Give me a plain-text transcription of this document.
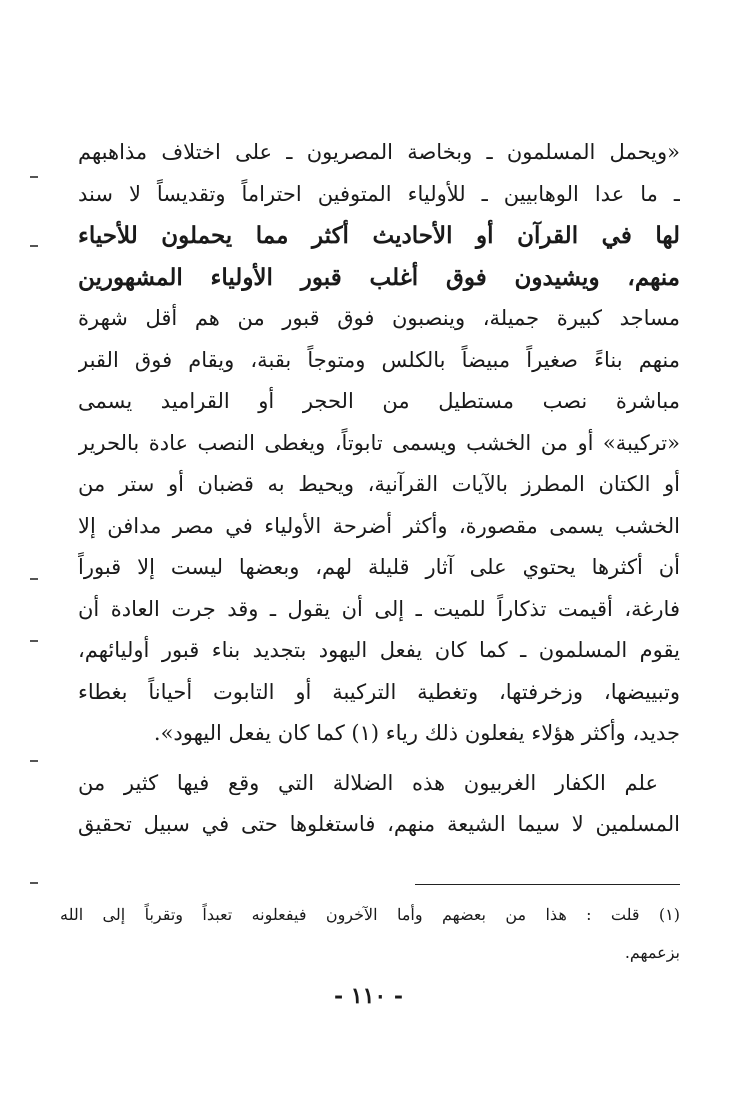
«ويحمل المسلمون ـ وبخاصة المصريون ـ على اختلاف مذاهبهم
ـ ما عدا الوهابيين ـ للأولياء المتوفين احتراماً وتقديساً لا سند
لها في القرآن أو الأحاديث أكثر مما يحملون للأحياء
منهم، ويشيدون فوق أغلب قبور الأولياء المشهورين
مساجد كبيرة جميلة، وينصبون فوق قبور من هم أقل شهرة
منهم بناءً صغيراً مبيضاً بالكلس ومتوجاً بقبة، ويقام فوق القبر
مباشرة نصب مستطيل من الحجر أو القراميد يسمى
«تركيبة» أو من الخشب ويسمى تابوتاً، ويغطى النصب عادة بالحرير
أو الكتان المطرز بالآيات القرآنية، ويحيط به قضبان أو ستر من
الخشب يسمى مقصورة، وأكثر أضرحة الأولياء في مصر مدافن إلا
أن أكثرها يحتوي على آثار قليلة لهم، وبعضها ليست إلا قبوراً
فارغة، أقيمت تذكاراً للميت ـ إلى أن يقول ـ وقد جرت العادة أن
يقوم المسلمون ـ كما كان يفعل اليهود بتجديد بناء قبور أوليائهم،
وتبييضها، وزخرفتها، وتغطية التركيبة أو التابوت أحياناً بغطاء
جديد، وأكثر هؤلاء يفعلون ذلك رياء (١) كما كان يفعل اليهود».
علم الكفار الغربيون هذه الضلالة التي وقع فيها كثير من
المسلمين لا سيما الشيعة منهم، فاستغلوها حتى في سبيل تحقيق
(١) قلت : هذا من بعضهم وأما الآخرون فيفعلونه تعبداً وتقرباً إلى الله
بزعمهم.
- ١١٠ -
